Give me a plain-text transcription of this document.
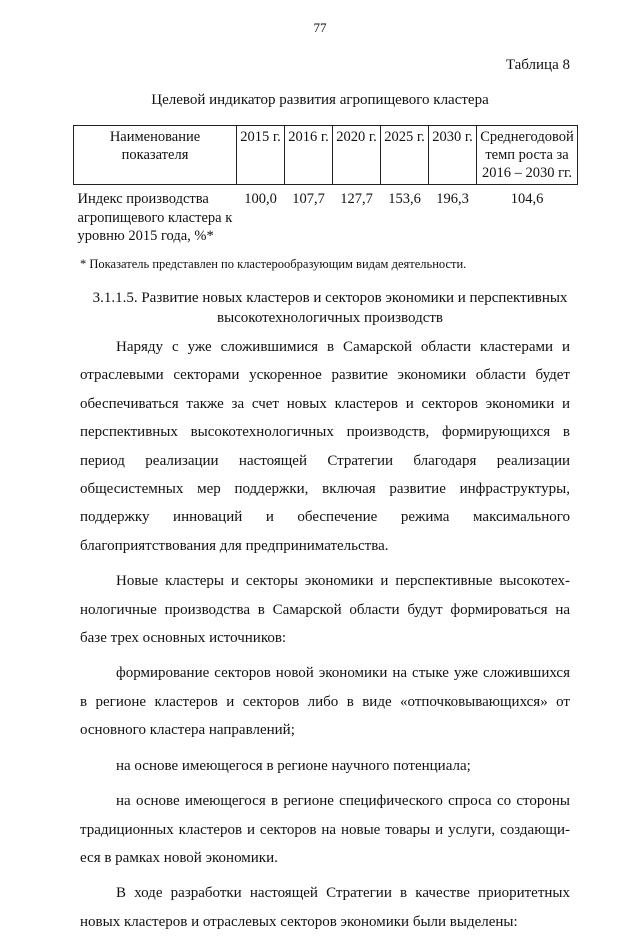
77
Таблица 8
Целевой индикатор развития агропищевого кластера
Наименование показателя	2015 г.	2016 г.	2020 г.	2025 г.	2030 г.	Среднегодовой темп роста за 2016 – 2030 гг.
Индекс производства агропищевого кластера к уровню 2015 года, %*	100,0	107,7	127,7	153,6	196,3	104,6
* Показатель представлен по кластерообразующим видам деятельности.
3.1.1.5. Развитие новых кластеров и секторов экономики и перспективных высокотехнологичных производств

Наряду с уже сложившимися в Самарской области кластерами и отраслевыми секторами ускоренное развитие экономики области будет обеспечиваться также за счет новых кластеров и секторов экономики и перспективных высокотехнологичных производств, формирующихся в период реализации настоящей Стратегии благодаря реализации общесистемных мер поддержки, включая развитие инфраструктуры, поддержку инноваций и обеспечение режима максимального благоприятствования для предпринимательства.

Новые кластеры и секторы экономики и перспективные высокотехнологичные производства в Самарской области будут формироваться на базе трех основных источников:

формирование секторов новой экономики на стыке уже сложившихся в регионе кластеров и секторов либо в виде «отпочковывающихся» от основного кластера направлений;

на основе имеющегося в регионе научного потенциала;

на основе имеющегося в регионе специфического спроса со стороны традиционных кластеров и секторов на новые товары и услуги, создающиеся в рамках новой экономики.

В ходе разработки настоящей Стратегии в качестве приоритетных новых кластеров и отраслевых секторов экономики были выделены:
